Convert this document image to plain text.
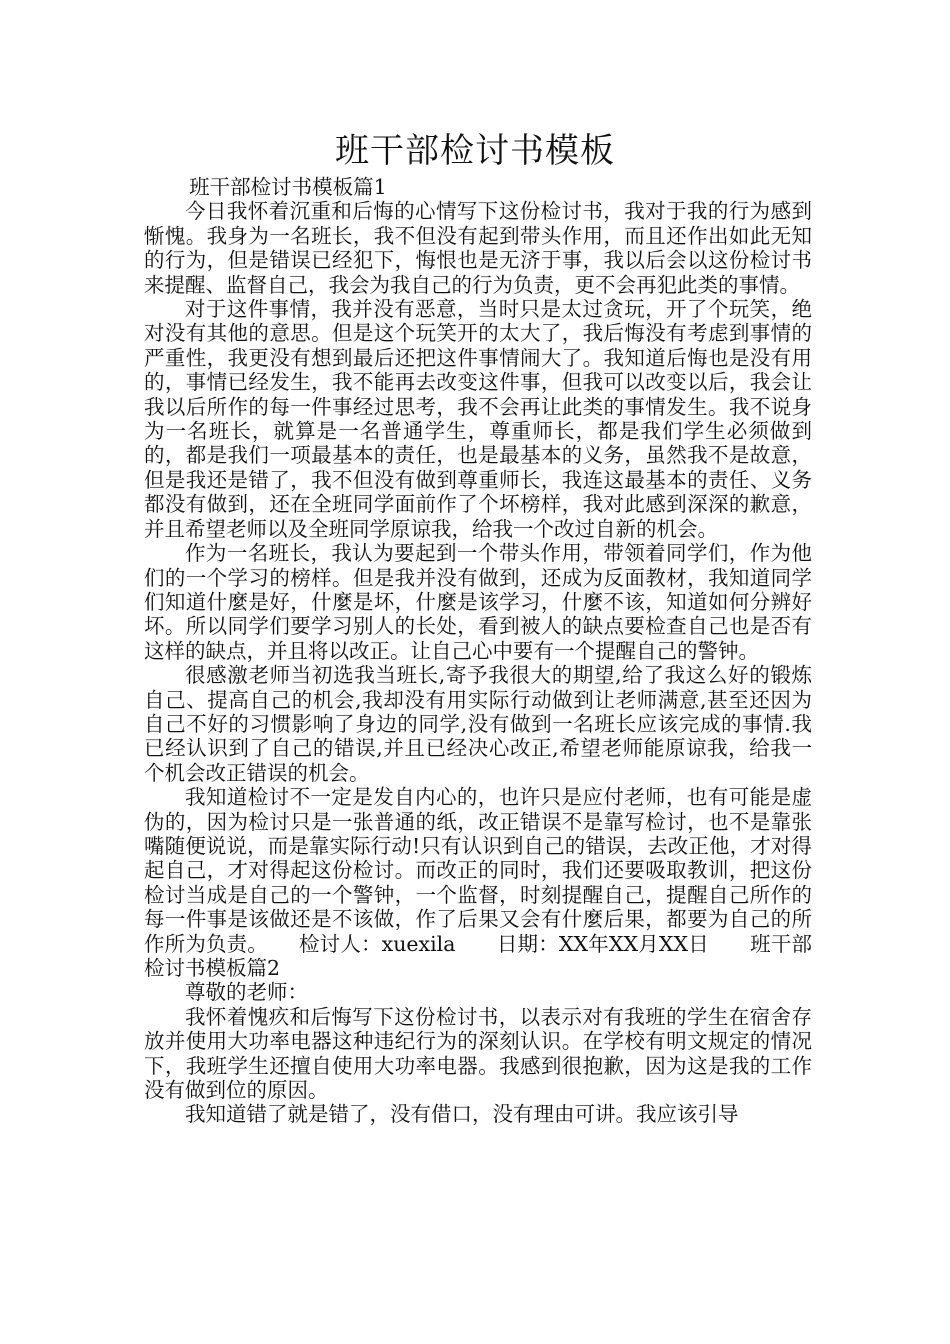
班干部检讨书模板

班干部检讨书模板篇1

今日我怀着沉重和后悔的心情写下这份检讨书，我对于我的行为感到惭愧。我身为一名班长，我不但没有起到带头作用，而且还作出如此无知的行为，但是错误已经犯下，悔恨也是无济于事，我以后会以这份检讨书来提醒、监督自己，我会为我自己的行为负责，更不会再犯此类的事情。

对于这件事情，我并没有恶意，当时只是太过贪玩，开了个玩笑，绝对没有其他的意思。但是这个玩笑开的太大了，我后悔没有考虑到事情的严重性，我更没有想到最后还把这件事情闹大了。我知道后悔也是没有用的，事情已经发生，我不能再去改变这件事，但我可以改变以后，我会让我以后所作的每一件事经过思考，我不会再让此类的事情发生。我不说身为一名班长，就算是一名普通学生，尊重师长，都是我们学生必须做到的，都是我们一项最基本的责任，也是最基本的义务，虽然我不是故意，但是我还是错了，我不但没有做到尊重师长，我连这最基本的责任、义务都没有做到，还在全班同学面前作了个坏榜样，我对此感到深深的歉意，并且希望老师以及全班同学原谅我，给我一个改过自新的机会。

作为一名班长，我认为要起到一个带头作用，带领着同学们，作为他们的一个学习的榜样。但是我并没有做到，还成为反面教材，我知道同学们知道什麼是好，什麼是坏，什麼是该学习，什麼不该，知道如何分辨好坏。所以同学们要学习别人的长处，看到被人的缺点要检查自己也是否有这样的缺点，并且将以改正。让自己心中要有一个提醒自己的警钟。

很感激老师当初选我当班长,寄予我很大的期望,给了我这么好的锻炼自己、提高自己的机会,我却没有用实际行动做到让老师满意,甚至还因为自己不好的习惯影响了身边的同学,没有做到一名班长应该完成的事情.我已经认识到了自己的错误,并且已经决心改正,希望老师能原谅我，给我一个机会改正错误的机会。

我知道检讨不一定是发自内心的，也许只是应付老师，也有可能是虚伪的，因为检讨只是一张普通的纸，改正错误不是靠写检讨，也不是靠张嘴随便说说，而是靠实际行动!只有认识到自己的错误，去改正他，才对得起自己，才对得起这份检讨。而改正的同时，我们还要吸取教训，把这份检讨当成是自己的一个警钟，一个监督，时刻提醒自己，提醒自己所作的每一件事是该做还是不该做，作了后果又会有什麼后果，都要为自己的所作所为负责。　　检讨人：xuexila　　日期：XX年XX月XX日　　班干部检讨书模板篇2

尊敬的老师：

我怀着愧疚和后悔写下这份检讨书，以表示对有我班的学生在宿舍存放并使用大功率电器这种违纪行为的深刻认识。在学校有明文规定的情况下，我班学生还擅自使用大功率电器。我感到很抱歉，因为这是我的工作没有做到位的原因。

我知道错了就是错了，没有借口，没有理由可讲。我应该引导
